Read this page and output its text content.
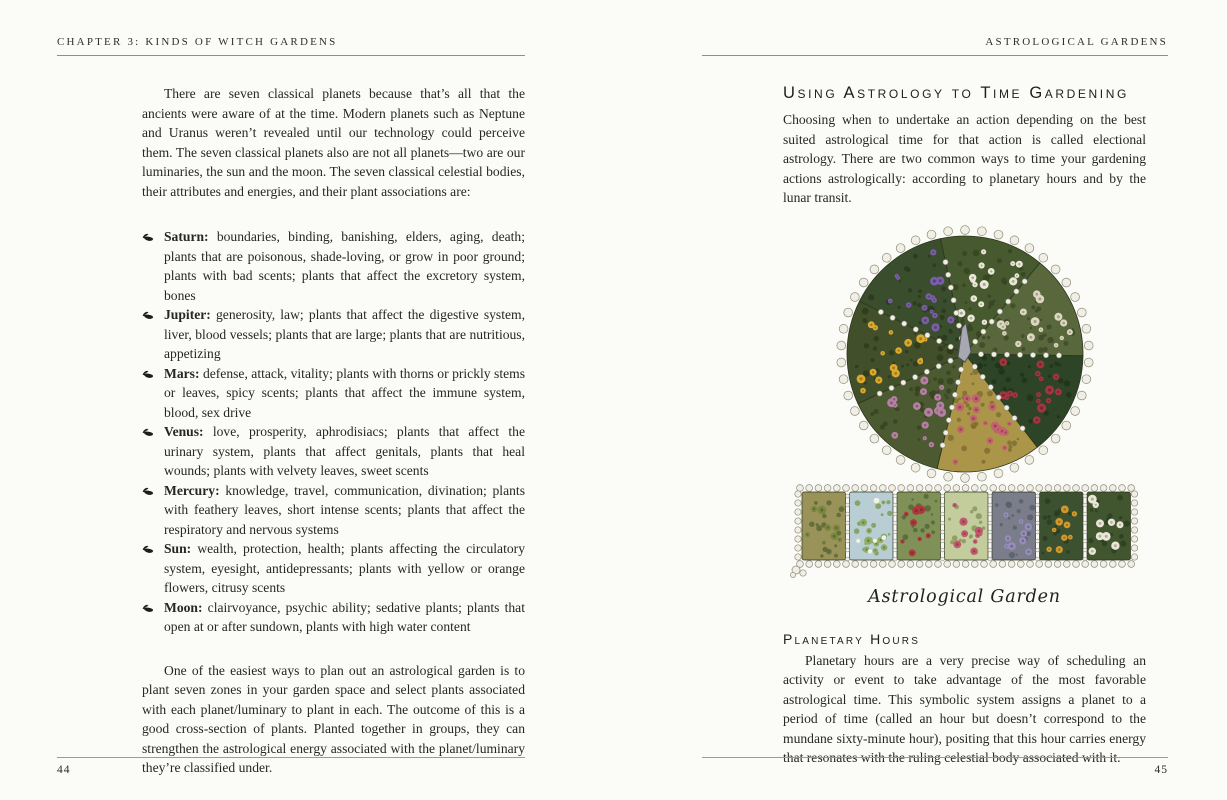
CHAPTER 3: KINDS OF WITCH GARDENS

There are seven classical planets because that’s all that the ancients were aware of at the time. Modern planets such as Neptune and Uranus weren’t revealed until our technology could perceive them. The seven classical planets also are not all planets—two are our luminaries, the sun and the moon. The seven classical celestial bodies, their attributes and energies, and their plant associations are:

Saturn: boundaries, binding, banishing, elders, aging, death; plants that are poisonous, shade-loving, or grow in poor ground; plants with bad scents; plants that affect the excretory system, bones
Jupiter: generosity, law; plants that affect the digestive system, liver, blood vessels; plants that are large; plants that are nutritious, appetizing
Mars: defense, attack, vitality; plants with thorns or prickly stems or leaves, spicy scents; plants that affect the immune system, blood, sex drive
Venus: love, prosperity, aphrodisiacs; plants that affect the urinary system, plants that affect genitals, plants that heal wounds; plants with velvety leaves, sweet scents
Mercury: knowledge, travel, communication, divination; plants with feathery leaves, short intense scents; plants that affect the respiratory and nervous systems
Sun: wealth, protection, health; plants affecting the circulatory system, eyesight, antidepressants; plants with yellow or orange flowers, citrusy scents
Moon: clairvoyance, psychic ability; sedative plants; plants that open at or after sundown, plants with high water content

One of the easiest ways to plan out an astrological garden is to plant seven zones in your garden space and select plants associated with each planet/luminary to plant in each. The outcome of this is a good cross-section of plants. Planted together in groups, they can strengthen the astrological energy associated with the planet/luminary they’re classified under.

44
ASTROLOGICAL GARDENS
Using Astrology to Time Gardening

Choosing when to undertake an action depending on the best suited astrological time for that action is called electional astrology. There are two common ways to time your gardening actions astrologically: according to planetary hours and by the lunar transit.

Astrological Garden
Planetary Hours

Planetary hours are a very precise way of scheduling an activity or event to take advantage of the most favorable astrological time. This symbolic system assigns a planet to a period of time (called an hour but doesn’t correspond to the mundane sixty-minute hour), positing that this hour carries energy that resonates with the ruling celestial body associated with it.

45
